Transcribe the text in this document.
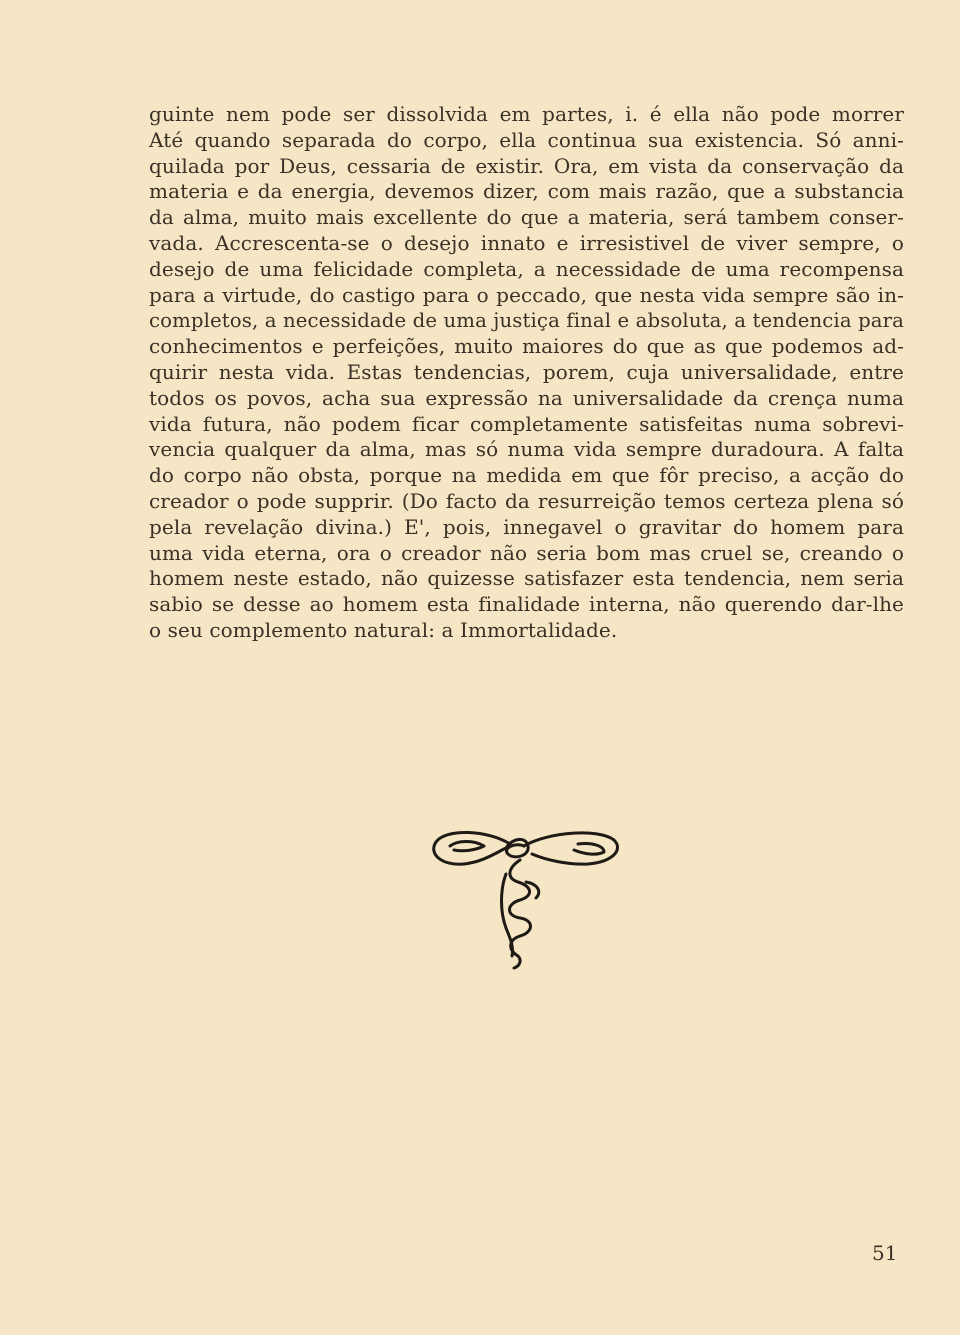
guinte nem pode ser dissolvida em partes, i. é ella não pode morrer
Até quando separada do corpo, ella continua sua existencia. Só anni-
quilada por Deus, cessaria de existir. Ora, em vista da conservação da
materia e da energia, devemos dizer, com mais razão, que a substancia
da alma, muito mais excellente do que a materia, será tambem conser-
vada. Accrescenta-se o desejo innato e irresistivel de viver sempre, o
desejo de uma felicidade completa, a necessidade de uma recompensa
para a virtude, do castigo para o peccado, que nesta vida sempre são in-
completos, a necessidade de uma justiça final e absoluta, a tendencia para
conhecimentos e perfeições, muito maiores do que as que podemos ad-
quirir nesta vida. Estas tendencias, porem, cuja universalidade, entre
todos os povos, acha sua expressão na universalidade da crença numa
vida futura, não podem ficar completamente satisfeitas numa sobrevi-
vencia qualquer da alma, mas só numa vida sempre duradoura. A falta
do corpo não obsta, porque na medida em que fôr preciso, a acção do
creador o pode supprir. (Do facto da resurreição temos certeza plena só
pela revelação divina.) E', pois, innegavel o gravitar do homem para
uma vida eterna, ora o creador não seria bom mas cruel se, creando o
homem neste estado, não quizesse satisfazer esta tendencia, nem seria
sabio se desse ao homem esta finalidade interna, não querendo dar-lhe
o seu complemento natural: a Immortalidade.
51
